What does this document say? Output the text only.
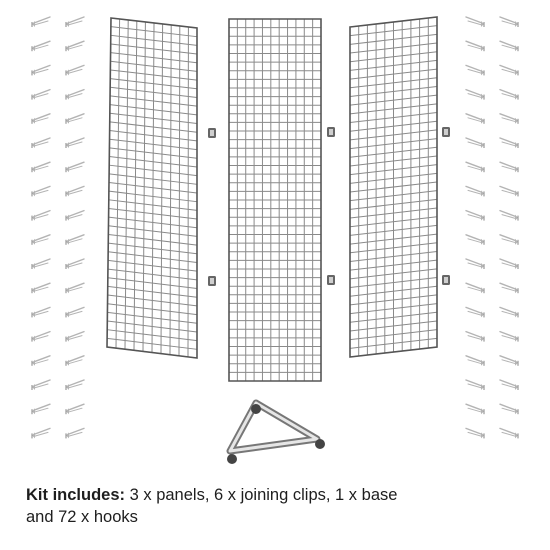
Kit includes: 3 x panels, 6 x joining clips, 1 x base
and 72 x hooks
